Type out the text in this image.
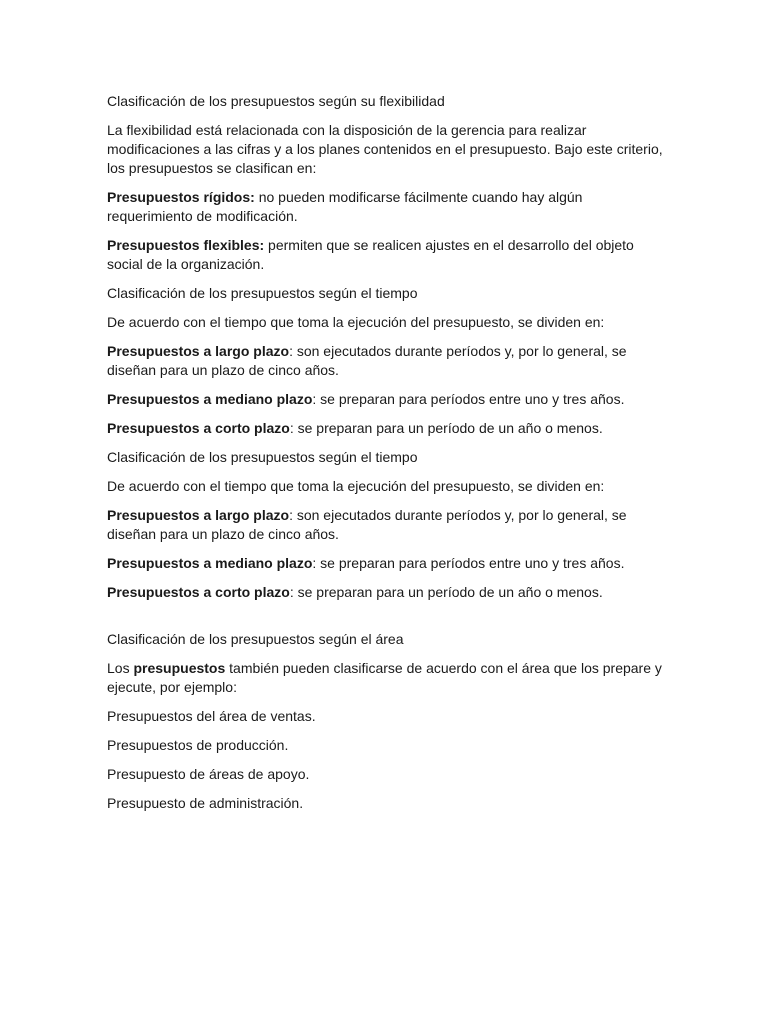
Clasificación de los presupuestos según su flexibilidad

La flexibilidad está relacionada con la disposición de la gerencia para realizar modificaciones a las cifras y a los planes contenidos en el presupuesto. Bajo este criterio, los presupuestos se clasifican en:

Presupuestos rígidos: no pueden modificarse fácilmente cuando hay algún requerimiento de modificación.

Presupuestos flexibles: permiten que se realicen ajustes en el desarrollo del objeto social de la organización.

Clasificación de los presupuestos según el tiempo

De acuerdo con el tiempo que toma la ejecución del presupuesto, se dividen en:

Presupuestos a largo plazo: son ejecutados durante períodos y, por lo general, se diseñan para un plazo de cinco años.

Presupuestos a mediano plazo: se preparan para períodos entre uno y tres años.

Presupuestos a corto plazo: se preparan para un período de un año o menos.

Clasificación de los presupuestos según el tiempo

De acuerdo con el tiempo que toma la ejecución del presupuesto, se dividen en:

Presupuestos a largo plazo: son ejecutados durante períodos y, por lo general, se diseñan para un plazo de cinco años.

Presupuestos a mediano plazo: se preparan para períodos entre uno y tres años.

Presupuestos a corto plazo: se preparan para un período de un año o menos.

Clasificación de los presupuestos según el área

Los presupuestos también pueden clasificarse de acuerdo con el área que los prepare y ejecute, por ejemplo:

Presupuestos del área de ventas.

Presupuestos de producción.

Presupuesto de áreas de apoyo.

Presupuesto de administración.
